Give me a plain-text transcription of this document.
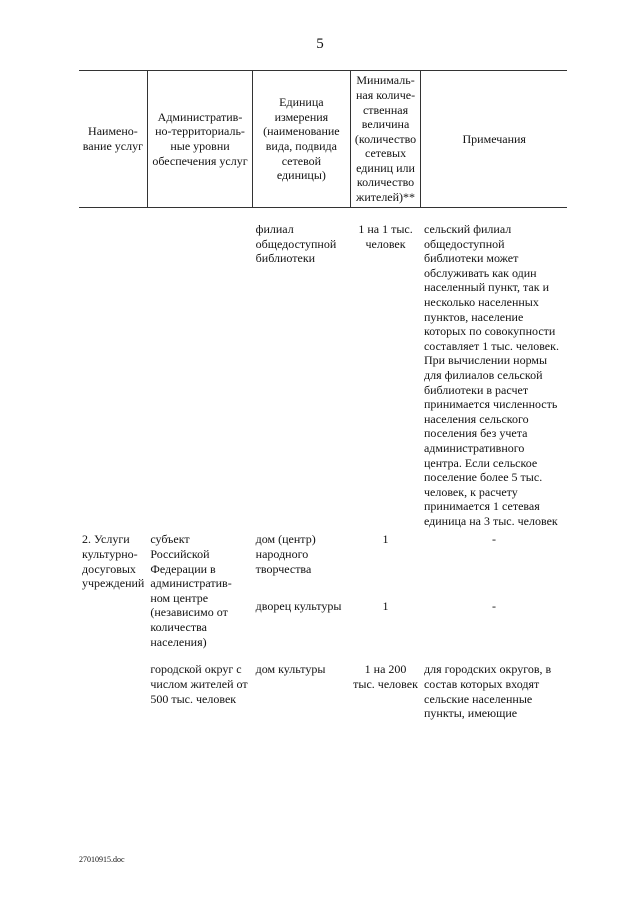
5
Наимено-вание услуг	Административ-но-территориаль-ные уровни обеспечения услуг	Единица измерения (наименование вида, подвида сетевой единицы)	Минималь-ная количе-ственная величина (количество сетевых единиц или количество жителей)**	Примечания
		филиал общедоступной библиотеки	1 на 1 тыс. человек	сельский филиал общедоступной библиотеки может обслуживать как один населенный пункт, так и несколько населенных пунктов, население которых по совокупности составляет 1 тыс. человек. При вычислении нормы для филиалов сельской библиотеки в расчет принимается численность населения сельского поселения без учета административного центра. Если сельское поселение более 5 тыс. человек, к расчету принимается 1 сетевая единица на 3 тыс. человек
2. Услуги культурно-досуговых учреждений	субъект Российской Федерации в административ-ном центре (независимо от количества населения)	дом (центр) народного творчества	1	-
		дворец культуры	1	-
	городской округ с числом жителей от 500 тыс. человек	дом культуры	1 на 200 тыс. человек	для городских округов, в состав которых входят сельские населенные пункты, имеющие
27010915.doc
